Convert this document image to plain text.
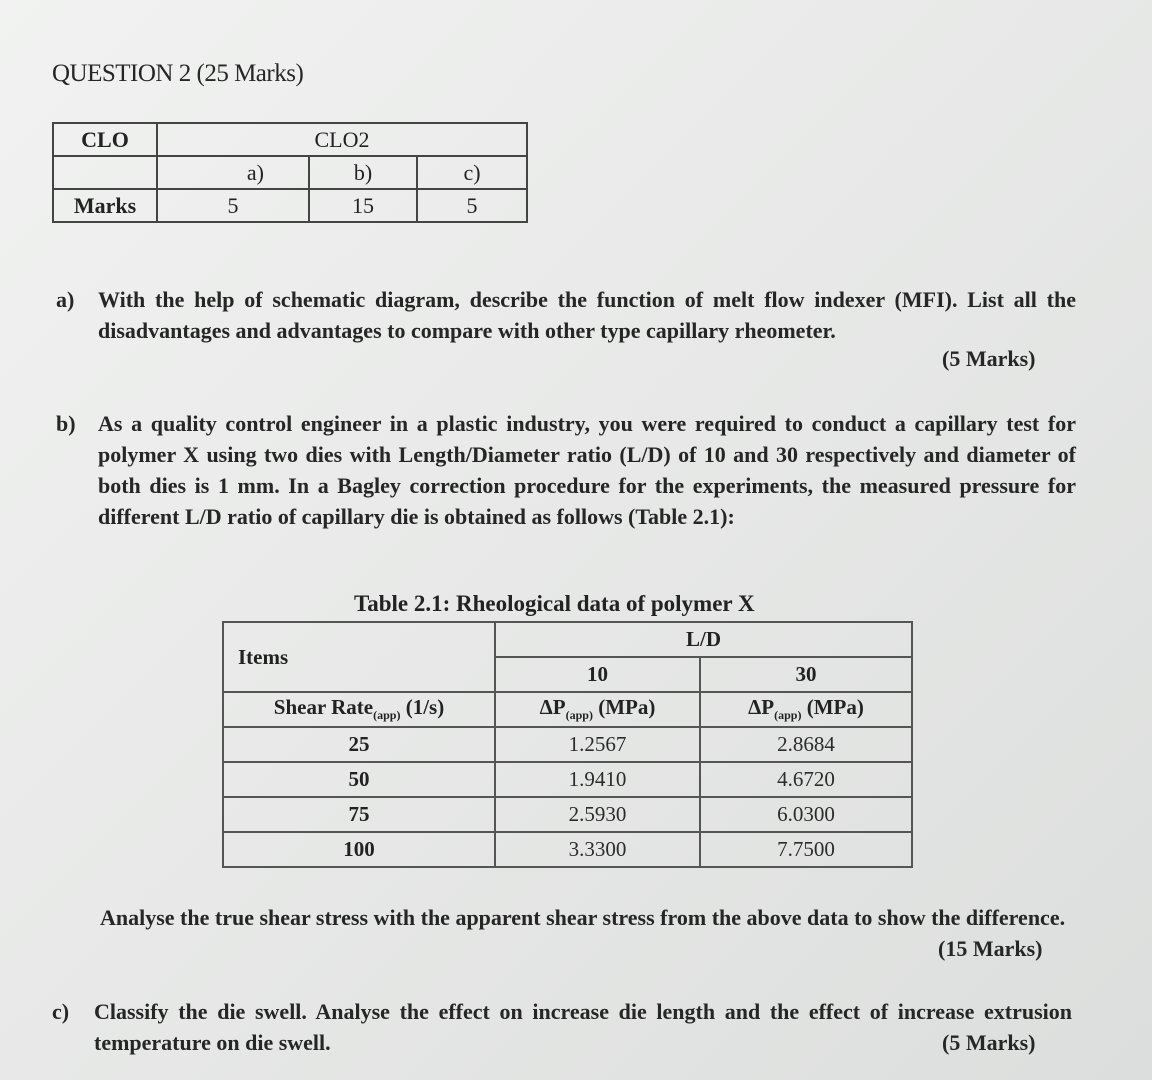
QUESTION 2 (25 Marks)
CLO	CLO2		
	a)	b)	c)
Marks	5	15	5
a) With the help of schematic diagram, describe the function of melt flow indexer (MFI). List all the disadvantages and advantages to compare with other type capillary rheometer.
(5 Marks)
b) As a quality control engineer in a plastic industry, you were required to conduct a capillary test for polymer X using two dies with Length/Diameter ratio (L/D) of 10 and 30 respectively and diameter of both dies is 1 mm. In a Bagley correction procedure for the experiments, the measured pressure for different L/D ratio of capillary die is obtained as follows (Table 2.1):
Table 2.1: Rheological data of polymer X
Items	L/D	
	10	30
Shear Rate$_{(app)}$ (1/s)	$\Delta P_{(app)}$ (MPa)	$\Delta P_{(app)}$ (MPa)
25	1.2567	2.8684
50	1.9410	4.6720
75	2.5930	6.0300
100	3.3300	7.7500
Analyse the true shear stress with the apparent shear stress from the above data to show the difference.
(15 Marks)
c) Classify the die swell. Analyse the effect on increase die length and the effect of increase extrusion temperature on die swell.	(5 Marks)
